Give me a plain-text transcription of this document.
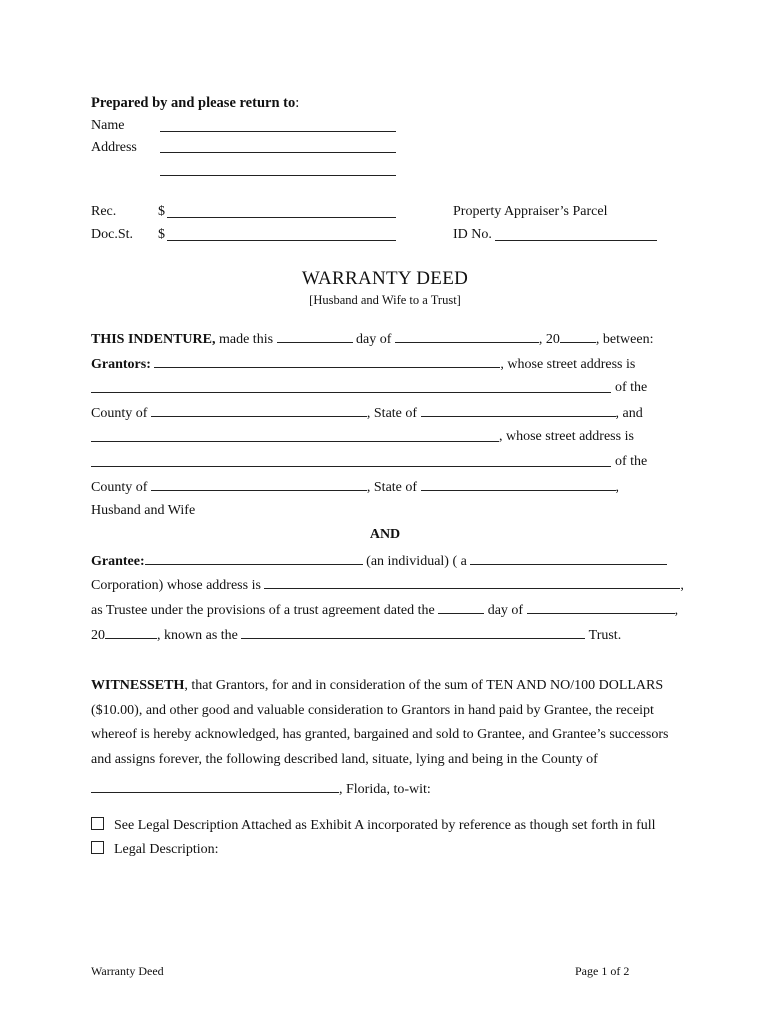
Prepared by and please return to:
Name
Address
Rec.	$
Doc.St. $
Property Appraiser’s Parcel
ID No.
WARRANTY DEED
[Husband and Wife to a Trust]
THIS INDENTURE, made this	day of	, 20	, between:
Grantors:	, whose street address is
of the
County of	, State of	, and
, whose street address is
of the
County of	, State of	,
Husband and Wife
AND
Grantee:	(an individual) ( a
Corporation) whose address is	,
as Trustee under the provisions of a trust agreement dated the	day of	,
20	, known as the	Trust.
WITNESSETH, that Grantors, for and in consideration of the sum of TEN AND NO/100 DOLLARS
($10.00), and other good and valuable consideration to Grantors in hand paid by Grantee, the receipt
whereof is hereby acknowledged, has granted, bargained and sold to Grantee, and Grantee’s successors
and assigns forever, the following described land, situate, lying and being in the County of
, Florida, to-wit:
See Legal Description Attached as Exhibit A incorporated by reference as though set forth in full
Legal Description:
Warranty Deed	Page 1 of 2
